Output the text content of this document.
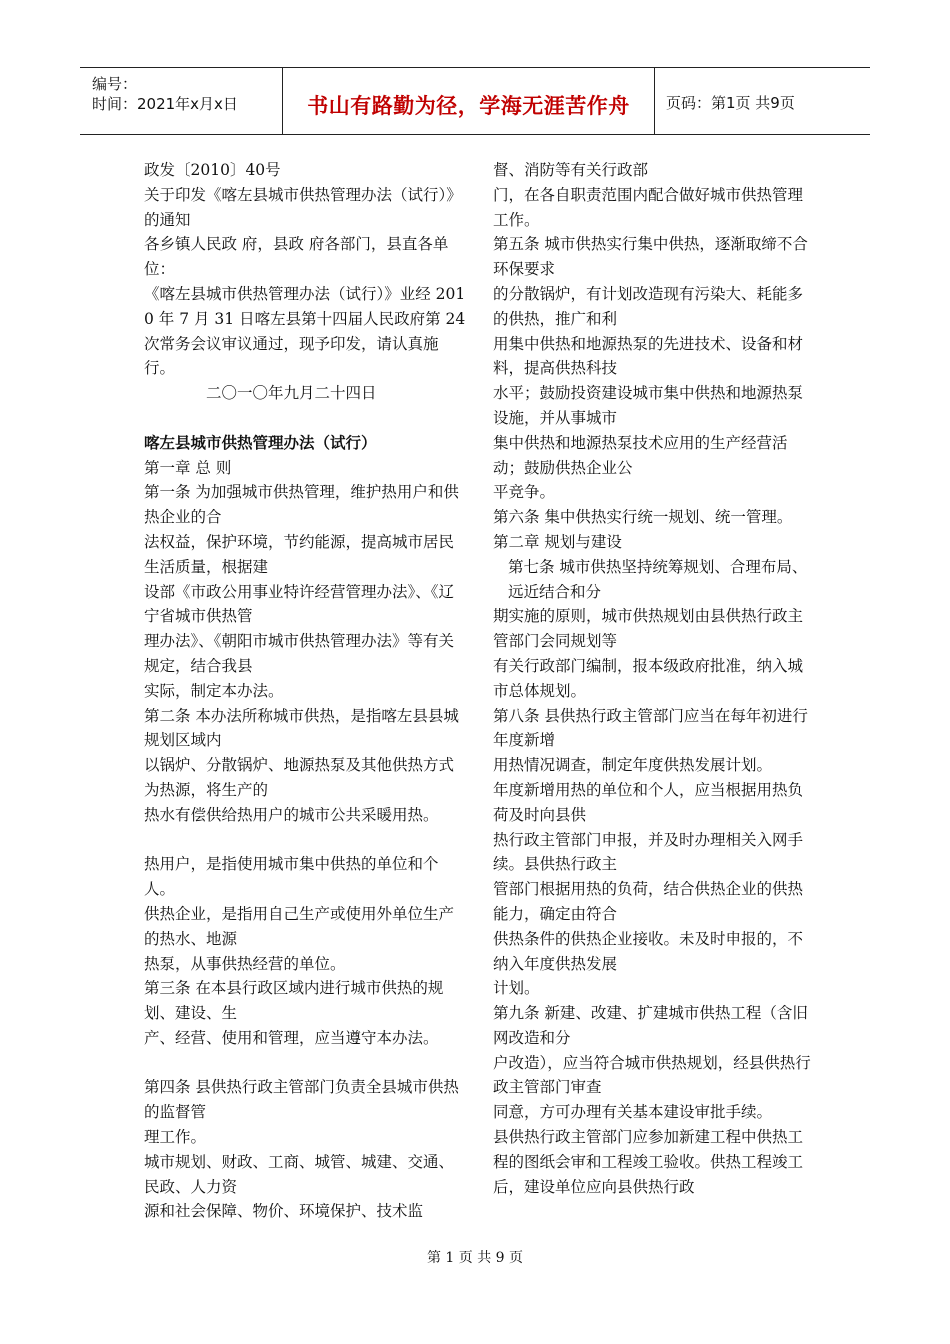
编号：
时间：2021年x月x日	书山有路勤为径，学海无涯苦作舟	页码：第1页 共9页

政发〔2010〕40号

关于印发《喀左县城市供热管理办法（试行）》 的通知

各乡镇人民政 府，县政 府各部门，县直各单位：

《喀左县城市供热管理办法（试行）》业经 2010 年 7 月 31 日喀左县第十四届人民政府第 24 次常务会议审议通过，现予印发，请认真施行。

二〇一〇年九月二十四日

喀左县城市供热管理办法（试行）

第一章 总 则

第一条 为加强城市供热管理，维护热用户和供热企业的合

法权益，保护环境，节约能源，提高城市居民生活质量，根据建

设部《市政公用事业特许经营管理办法》、《辽宁省城市供热管

理办法》、《朝阳市城市供热管理办法》等有关规定，结合我县

实际，制定本办法。

第二条 本办法所称城市供热，是指喀左县县城规划区域内

以锅炉、分散锅炉、地源热泵及其他供热方式为热源，将生产的

热水有偿供给热用户的城市公共采暖用热。

热用户，是指使用城市集中供热的单位和个人。

供热企业，是指用自己生产或使用外单位生产的热水、地源

热泵，从事供热经营的单位。

第三条 在本县行政区域内进行城市供热的规划、建设、生

产、经营、使用和管理，应当遵守本办法。

第四条 县供热行政主管部门负责全县城市供热的监督管

理工作。

城市规划、财政、工商、城管、城建、交通、民政、人力资

源和社会保障、物价、环境保护、技术监

督、消防等有关行政部

门，在各自职责范围内配合做好城市供热管理工作。

第五条 城市供热实行集中供热，逐渐取缔不合环保要求

的分散锅炉，有计划改造现有污染大、耗能多的供热，推广和利

用集中供热和地源热泵的先进技术、设备和材料，提高供热科技

水平；鼓励投资建设城市集中供热和地源热泵设施，并从事城市

集中供热和地源热泵技术应用的生产经营活动；鼓励供热企业公

平竞争。

第六条 集中供热实行统一规划、统一管理。

第二章 规划与建设

第七条 城市供热坚持统筹规划、合理布局、远近结合和分

期实施的原则，城市供热规划由县供热行政主管部门会同规划等

有关行政部门编制，报本级政府批准，纳入城市总体规划。

第八条 县供热行政主管部门应当在每年初进行年度新增

用热情况调查，制定年度供热发展计划。

年度新增用热的单位和个人，应当根据用热负荷及时向县供

热行政主管部门申报，并及时办理相关入网手续。县供热行政主

管部门根据用热的负荷，结合供热企业的供热能力，确定由符合

供热条件的供热企业接收。未及时申报的，不纳入年度供热发展

计划。

第九条 新建、改建、扩建城市供热工程（含旧网改造和分

户改造），应当符合城市供热规划，经县供热行政主管部门审查

同意，方可办理有关基本建设审批手续。

县供热行政主管部门应参加新建工程中供热工程的图纸会审和工程竣工验收。供热工程竣工后，建设单位应向县供热行政

第 1 页 共 9 页
